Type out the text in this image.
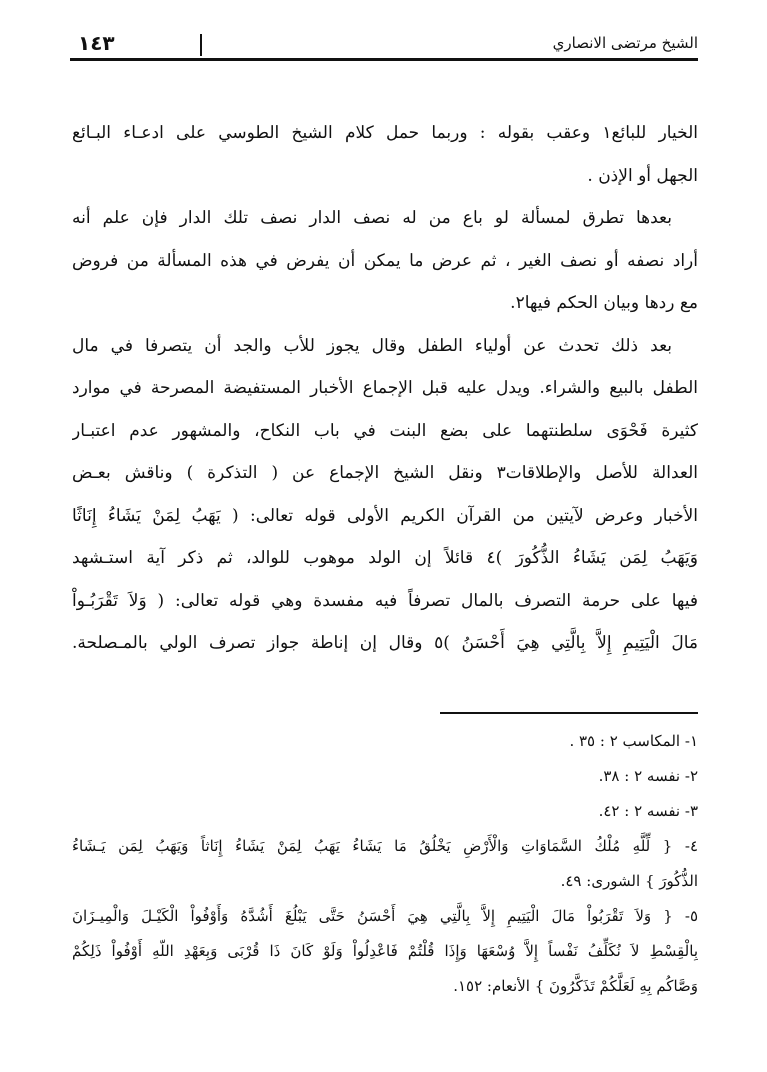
١٤٣	الشيخ مرتضى الانصاري
الخيار للبائع١ وعقب بقوله : وربما حمل كلام الشيخ الطوسي على ادعـاء البـائع
الجهل أو الإذن .
بعدها تطرق لمسألة لو باع من له نصف الدار نصف تلك الدار فإن علم أنه
أراد نصفه أو نصف الغير ، ثم عرض ما يمكن أن يفرض في هذه المسألة من فروض
مع ردها وبيان الحكم فيها٢.
بعد ذلك تحدث عن أولياء الطفل وقال يجوز للأب والجد أن يتصرفا في مال
الطفل بالبيع والشراء. ويدل عليه قبل الإجماع الأخبار المستفيضة المصرحة في موارد
كثيرة فَحْوَى سلطنتهما على بضع البنت في باب النكاح، والمشهور عدم اعتبـار
العدالة للأصل والإطلاقات٣ ونقل الشيخ الإجماع عن ( التذكرة ) وناقش بعـض
الأخبار وعرض لآيتين من القرآن الكريم الأولى قوله تعالى: ( يَهَبُ لِمَنْ يَشَاءُ إِنَاثًا
وَيَهَبُ لِمَن يَشَاءُ الذُّكُورَ )٤ قائلاً إن الولد موهوب للوالد، ثم ذكر آية استـشهد
فيها على حرمة التصرف بالمال تصرفاً فيه مفسدة وهي قوله تعالى: ( وَلاَ تَقْرَبُـواْ
مَالَ الْيَتِيمِ إِلاَّ بِالَّتِي هِيَ أَحْسَنُ )٥ وقال إن إناطة جواز تصرف الولي بالمـصلحة.
١- المكاسب ٢ : ٣٥ .
٢- نفسه ٢ : ٣٨.
٣- نفسه ٢ : ٤٢.
٤- { لِّلَّهِ مُلْكُ السَّمَاوَاتِ وَالْأَرْضِ يَخْلُقُ مَا يَشَاءُ يَهَبُ لِمَنْ يَشَاءُ إِنَاثاً وَيَهَبُ لِمَن يَـشَاءُ
الذُّكُورَ } الشورى: ٤٩.
٥- { وَلاَ تَقْرَبُواْ مَالَ الْيَتِيمِ إِلاَّ بِالَّتِي هِيَ أَحْسَنُ حَتَّى يَبْلُغَ أَشُدَّهُ وَأَوْفُواْ الْكَيْـلَ وَالْمِيـزَانَ
بِالْقِسْطِ لاَ نُكَلِّفُ نَفْساً إِلاَّ وُسْعَهَا وَإِذَا قُلْتُمْ فَاعْدِلُواْ وَلَوْ كَانَ ذَا قُرْبَى وَبِعَهْدِ اللّهِ أَوْفُواْ ذَلِكُمْ
وَصَّاكُم بِهِ لَعَلَّكُمْ تَذَكَّرُونَ } الأنعام: ١٥٢.
